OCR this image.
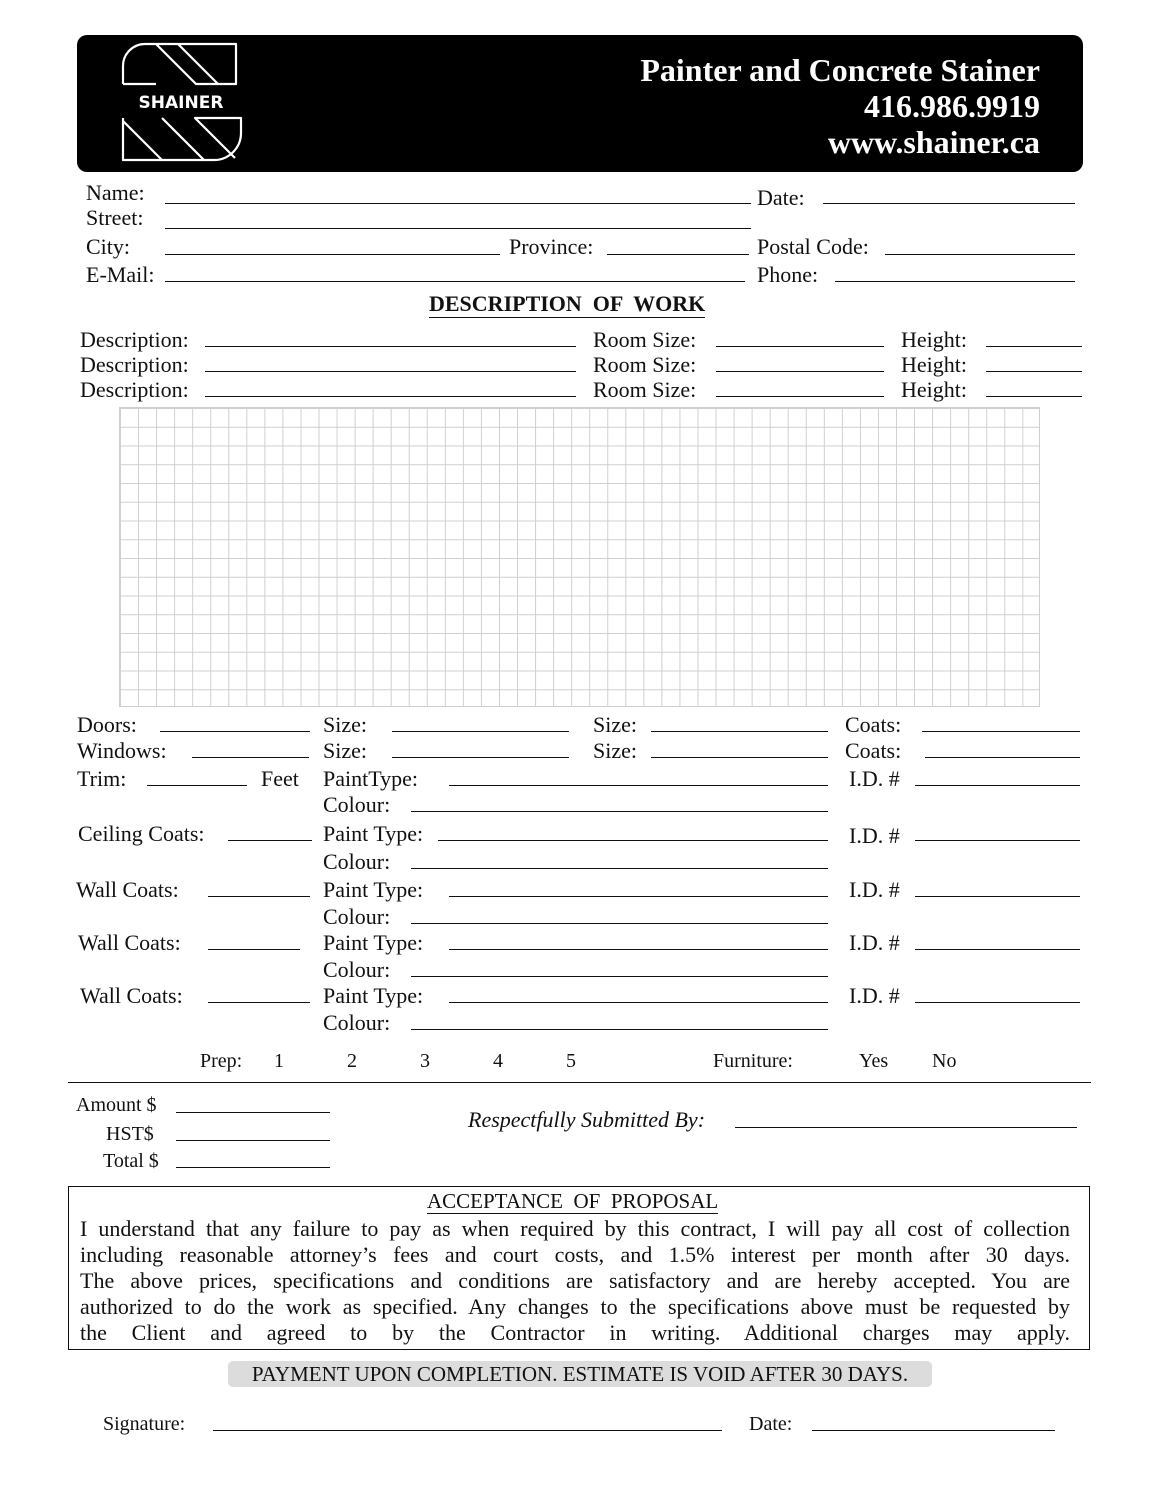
Painter and Concrete Stainer
416.986.9919
www.shainer.ca
SHAINER
Name:	Date:
Street:
City:	Province:	Postal Code:
E-Mail:	Phone:
DESCRIPTION  OF  WORK
Description:	Room Size:	Height:
Description:	Room Size:	Height:
Description:	Room Size:	Height:
Doors:	Size:	Size:	Coats:
Windows:	Size:	Size:	Coats:
Trim:	Feet PaintType:	I.D. #
Colour:
Ceiling Coats:	Paint Type:	I.D. #
Colour:
Wall Coats:	Paint Type:	I.D. #
Colour:
Wall Coats:	Paint Type:	I.D. #
Colour:
Wall Coats:	Paint Type:	I.D. #
Colour:
Prep: 1	2	3	4	5	Furniture:	Yes No
Amount $
HST$
Total $
Respectfully Submitted By:
ACCEPTANCE  OF  PROPOSAL
I understand that any failure to pay as when required by this contract, I will pay all cost of collection
including reasonable attorney’s fees and court costs, and 1.5% interest per month after 30 days.
The above prices, specifications and conditions are satisfactory and are hereby accepted. You are
authorized to do the work as specified. Any changes to the specifications above must be requested by
the Client and agreed to by the Contractor in writing. Additional charges may apply.
PAYMENT UPON COMPLETION. ESTIMATE IS VOID AFTER 30 DAYS.
Signature:	Date:
